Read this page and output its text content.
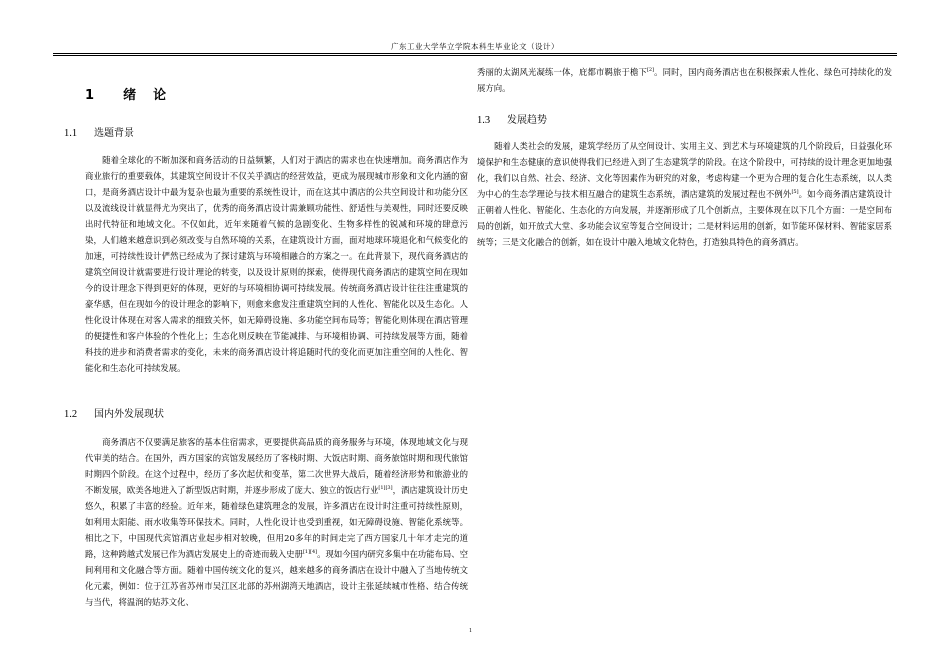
广东工业大学华立学院本科生毕业论文（设计）
1 绪　论
1.1 选题背景

随着全球化的不断加深和商务活动的日益频繁，人们对于酒店的需求也在快速增加。商务酒店作为商业旅行的重要载体，其建筑空间设计不仅关乎酒店的经营效益，更成为展现城市形象和文化内涵的窗口，是商务酒店设计中最为复杂也最为重要的系统性设计，而在这其中酒店的公共空间设计和功能分区以及流线设计就显得尤为突出了，优秀的商务酒店设计需兼顾功能性、舒适性与美观性，同时还要反映出时代特征和地域文化。不仅如此，近年来随着气候的急剧变化、生物多样性的锐减和环境的肆意污染，人们越来越意识到必须改变与自然环境的关系，在建筑设计方面，面对地球环境退化和气候变化的加速，可持续性设计俨然已经成为了探讨建筑与环境相融合的方案之一。在此背景下，现代商务酒店的建筑空间设计就需要进行设计理论的转变，以及设计原则的探索，使得现代商务酒店的建筑空间在现如今的设计理念下得到更好的体现，更好的与环境相协调可持续发展。传统商务酒店设计往往注重建筑的豪华感，但在现如今的设计理念的影响下，则愈来愈发注重建筑空间的人性化、智能化以及生态化。人性化设计体现在对客人需求的细致关怀，如无障碍设施、多功能空间布局等；智能化则体现在酒店管理的便捷性和客户体验的个性化上；生态化则反映在节能减排、与环境相协调、可持续发展等方面，随着科技的进步和消费者需求的变化，未来的商务酒店设计将追随时代的变化而更加注重空间的人性化、智能化和生态化可持续发展。

1.2 国内外发展现状

商务酒店不仅要满足旅客的基本住宿需求，更要提供高品质的商务服务与环境，体现地域文化与现代审美的结合。在国外，西方国家的宾馆发展经历了客栈时期、大饭店时期、商务旅馆时期和现代旅馆时期四个阶段。在这个过程中，经历了多次起伏和变革，第二次世界大战后，随着经济形势和旅游业的不断发展，欧美各地进入了新型饭店时期，并逐步形成了庞大、独立的饭店行业[1][3]，酒店建筑设计历史悠久，积累了丰富的经验。近年来，随着绿色建筑理念的发展，许多酒店在设计时注重可持续性原则，如利用太阳能、雨水收集等环保技术。同时，人性化设计也受到重视，如无障碍设施、智能化系统等。相比之下，中国现代宾馆酒店业起步相对较晚，但用20多年的时间走完了西方国家几十年才走完的道路，这种跨越式发展已作为酒店发展史上的奇迹而载入史册[1][4]。现如今国内研究多集中在功能布局、空间利用和文化融合等方面。随着中国传统文化的复兴，越来越多的商务酒店在设计中融入了当地传统文化元素，例如：位于江苏省苏州市吴江区北部的苏州湖湾天地酒店，设计主张延续城市性格、结合传统与当代，将温润的姑苏文化、

秀丽的太湖风光凝练一体，庇都市羁旅于檐下[2]。同时，国内商务酒店也在积极探索人性化、绿色可持续化的发展方向。

1.3 发展趋势

随着人类社会的发展，建筑学经历了从空间设计、实用主义、到艺术与环境建筑的几个阶段后，日益强化环境保护和生态健康的意识使得我们已经进入到了生态建筑学的阶段。在这个阶段中，可持续的设计理念更加地强化，我们以自然、社会、经济、文化等因素作为研究的对象，考虑构建一个更为合理的复合化生态系统，以人类为中心的生态学理论与技术相互融合的建筑生态系统，酒店建筑的发展过程也不例外[5]。如今商务酒店建筑设计正朝着人性化、智能化、生态化的方向发展，并逐渐形成了几个创新点，主要体现在以下几个方面：一是空间布局的创新，如开放式大堂、多功能会议室等复合空间设计；二是材料运用的创新，如节能环保材料、智能家居系统等；三是文化融合的创新，如在设计中融入地域文化特色，打造独具特色的商务酒店。

1
